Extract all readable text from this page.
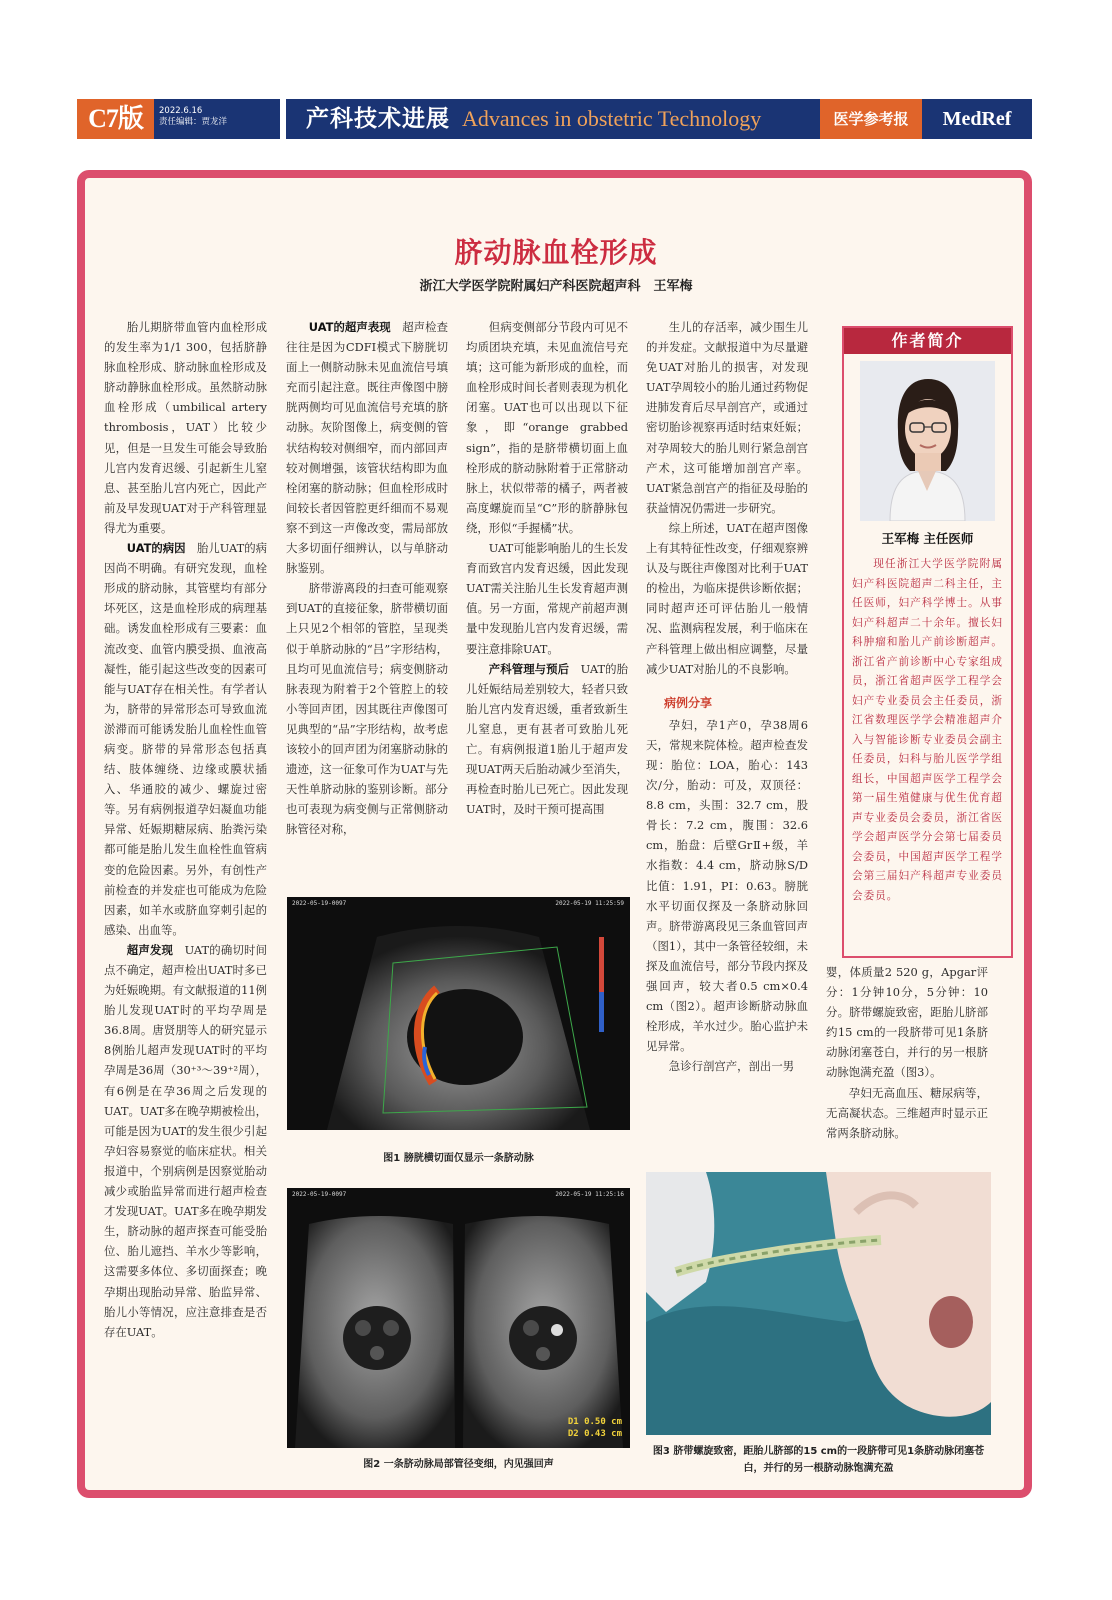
C7版	2022.6.16
责任编辑：贾龙洋	产科技术进展 Advances in obstetric Technology	医学参考报	MedRef
脐动脉血栓形成
浙江大学医学院附属妇产科医院超声科　王军梅

胎儿期脐带血管内血栓形成的发生率为1/1 300，包括脐静脉血栓形成、脐动脉血栓形成及脐动静脉血栓形成。虽然脐动脉血栓形成（umbilical artery thrombosis，UAT）比较少见，但是一旦发生可能会导致胎儿宫内发育迟缓、引起新生儿窒息、甚至胎儿宫内死亡，因此产前及早发现UAT对于产科管理显得尤为重要。

UAT的病因　 胎儿UAT的病因尚不明确。有研究发现，血栓形成的脐动脉，其管壁均有部分坏死区，这是血栓形成的病理基础。诱发血栓形成有三要素：血流改变、血管内膜受损、血液高凝性，能引起这些改变的因素可能与UAT存在相关性。有学者认为，脐带的异常形态可导致血流淤滞而可能诱发胎儿血栓性血管病变。脐带的异常形态包括真结、肢体缠绕、边缘或膜状插入、华通胶的减少、螺旋过密等。另有病例报道孕妇凝血功能异常、妊娠期糖尿病、胎粪污染都可能是胎儿发生血栓性血管病变的危险因素。另外，有创性产前检查的并发症也可能成为危险因素，如羊水或脐血穿刺引起的感染、出血等。

超声发现　 UAT的确切时间点不确定，超声检出UAT时多已为妊娠晚期。有文献报道的11例胎儿发现UAT时的平均孕周是36.8周。唐贤朋等人的研究显示8例胎儿超声发现UAT时的平均孕周是36周（30⁺³～39⁺²周），有6例是在孕36周之后发现的UAT。UAT多在晚孕期被检出，可能是因为UAT的发生很少引起孕妇容易察觉的临床症状。相关报道中，个别病例是因察觉胎动减少或胎监异常而进行超声检查才发现UAT。UAT多在晚孕期发生，脐动脉的超声探查可能受胎位、胎儿遮挡、羊水少等影响，这需要多体位、多切面探查；晚孕期出现胎动异常、胎监异常、胎儿小等情况，应注意排查是否存在UAT。

UAT的超声表现　 超声检查往往是因为CDFI模式下膀胱切面上一侧脐动脉未见血流信号填充而引起注意。既往声像图中膀胱两侧均可见血流信号充填的脐动脉。灰阶图像上，病变侧的管状结构较对侧细窄，而内部回声较对侧增强，该管状结构即为血栓闭塞的脐动脉；但血栓形成时间较长者因管腔更纤细而不易观察不到这一声像改变，需局部放大多切面仔细辨认，以与单脐动脉鉴别。

脐带游离段的扫查可能观察到UAT的直接征象，脐带横切面上只见2个相邻的管腔，呈现类似于单脐动脉的“吕”字形结构，且均可见血流信号；病变侧脐动脉表现为附着于2个管腔上的较小等回声团，因其既往声像图可见典型的“品”字形结构，故考虑该较小的回声团为闭塞脐动脉的遗迹，这一征象可作为UAT与先天性单脐动脉的鉴别诊断。部分也可表现为病变侧与正常侧脐动脉管径对称，

但病变侧部分节段内可见不均质团块充填，未见血流信号充填；这可能为新形成的血栓，而血栓形成时间长者则表现为机化闭塞。UAT也可以出现以下征象，即“orange grabbed sign”，指的是脐带横切面上血栓形成的脐动脉附着于正常脐动脉上，状似带蒂的橘子，两者被高度螺旋而呈“C”形的脐静脉包绕，形似“手握橘”状。

UAT可能影响胎儿的生长发育而致宫内发育迟缓，因此发现UAT需关注胎儿生长发育超声测值。另一方面，常规产前超声测量中发现胎儿宫内发育迟缓，需要注意排除UAT。

产科管理与预后　 UAT的胎儿妊娠结局差别较大，轻者只致胎儿宫内发育迟缓，重者致新生儿窒息，更有甚者可致胎儿死亡。有病例报道1胎儿于超声发现UAT两天后胎动减少至消失，再检查时胎儿已死亡。因此发现UAT时，及时干预可提高围

生儿的存活率，减少围生儿的并发症。文献报道中为尽量避免UAT对胎儿的损害，对发现UAT孕周较小的胎儿通过药物促进肺发育后尽早剖宫产，或通过密切胎诊视察再适时结束妊娠；对孕周较大的胎儿则行紧急剖宫产术，这可能增加剖宫产率。UAT紧急剖宫产的指征及母胎的获益情况仍需进一步研究。

综上所述，UAT在超声图像上有其特征性改变，仔细观察辨认及与既往声像图对比利于UAT的检出，为临床提供诊断依据；同时超声还可评估胎儿一般情况、监测病程发展，利于临床在产科管理上做出相应调整，尽量减少UAT对胎儿的不良影响。

病例分享

孕妇，孕1产0，孕38周6天，常规来院体检。超声检查发现：胎位：LOA，胎心：143次/分，胎动：可及，双顶径：8.8 cm，头围：32.7 cm，股骨长：7.2 cm，腹围：32.6 cm，胎盘：后壁GrⅡ+级，羊水指数：4.4 cm，脐动脉S/D比值：1.91，PI：0.63。膀胱水平切面仅探及一条脐动脉回声。脐带游离段见三条血管回声（图1），其中一条管径较细，未探及血流信号，部分节段内探及强回声，较大者0.5 cm×0.4 cm（图2）。超声诊断脐动脉血栓形成，羊水过少。胎心监护未见异常。

急诊行剖宫产，剖出一男

婴，体质量2 520 g，Apgar评分：1分钟10分，5分钟：10分。脐带螺旋致密，距胎儿脐部约15 cm的一段脐带可见1条脐动脉闭塞苍白，并行的另一根脐动脉饱满充盈（图3）。

孕妇无高血压、糖尿病等，无高凝状态。三维超声时显示正常两条脐动脉。

作者简介
王军梅 主任医师

现任浙江大学医学院附属妇产科医院超声二科主任，主任医师，妇产科学博士。从事妇产科超声二十余年。擅长妇科肿瘤和胎儿产前诊断超声。浙江省产前诊断中心专家组成员，浙江省超声医学工程学会妇产专业委员会主任委员，浙江省数理医学学会精准超声介入与智能诊断专业委员会副主任委员，妇科与胎儿医学学组组长，中国超声医学工程学会第一届生殖健康与优生优育超声专业委员会委员，浙江省医学会超声医学分会第七届委员会委员，中国超声医学工程学会第三届妇产科超声专业委员会委员。

2022-05-19-0097	2022-05-19 11:25:59
图1 膀胱横切面仅显示一条脐动脉
2022-05-19-0097	2022-05-19 11:25:16
D1 0.50 cm
D2 0.43 cm
图2 一条脐动脉局部管径变细，内见强回声
图3 脐带螺旋致密，距胎儿脐部的15 cm的一段脐带可见1条脐动脉闭塞苍白，并行的另一根脐动脉饱满充盈
